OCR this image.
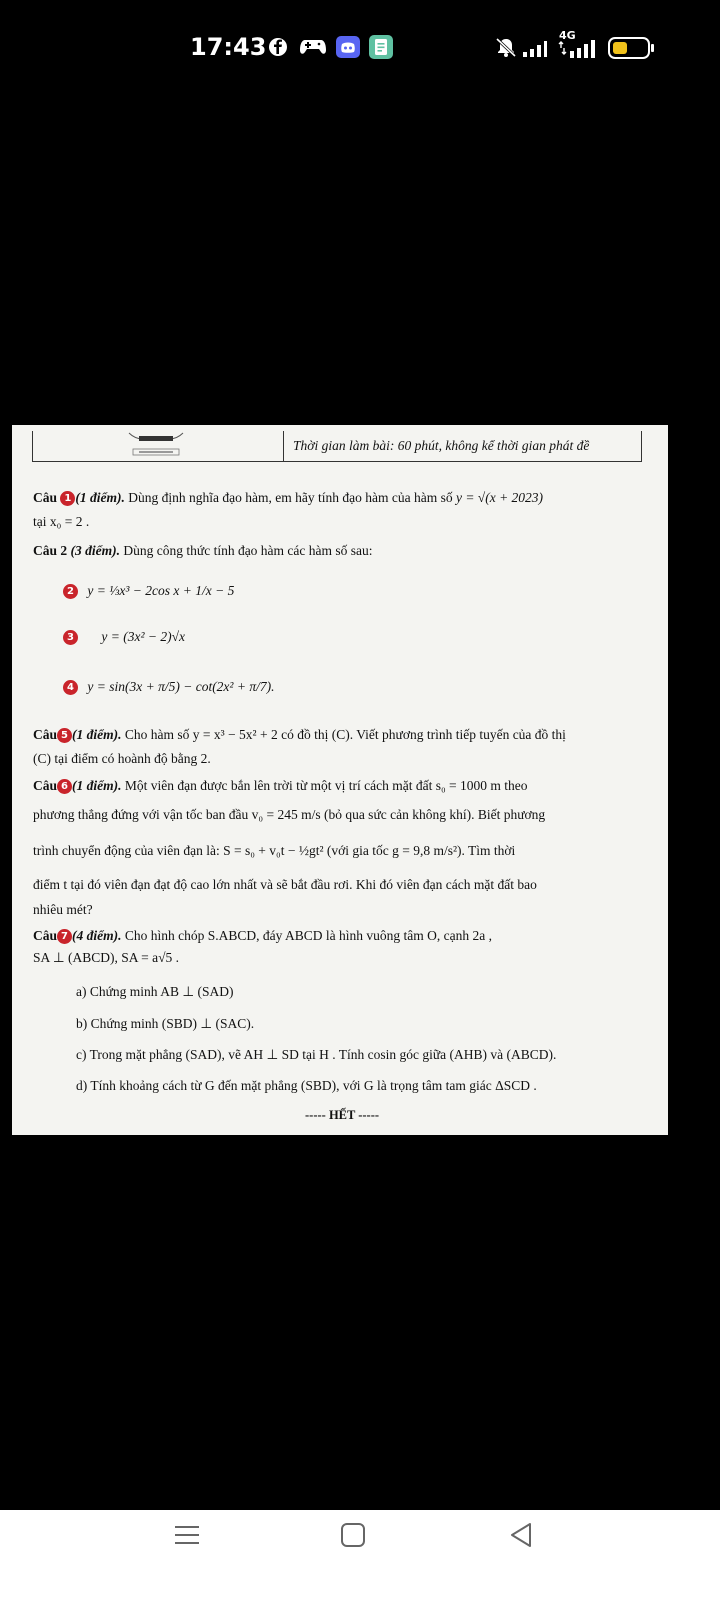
17:43	4G
Thời gian làm bài: 60 phút, không kể thời gian phát đề
Câu 1 (1 điểm). Dùng định nghĩa đạo hàm, em hãy tính đạo hàm của hàm số y = √(x + 2023)
tại x₀ = 2 .
Câu 2 (3 điểm). Dùng công thức tính đạo hàm các hàm số sau:
2 y = ⅓x³ − 2cos x + 1/x − 5
3 y = (3x² − 2)√x
4 y = sin(3x + π/5) − cot(2x² + π/7).
Câu 5 (1 điểm). Cho hàm số y = x³ − 5x² + 2 có đồ thị (C). Viết phương trình tiếp tuyến của đồ thị
(C) tại điểm có hoành độ bằng 2.
Câu 6 (1 điểm). Một viên đạn được bắn lên trời từ một vị trí cách mặt đất s₀ = 1000 m theo
phương thẳng đứng với vận tốc ban đầu v₀ = 245 m/s (bỏ qua sức cản không khí). Biết phương
trình chuyển động của viên đạn là: S = s₀ + v₀t − ½gt² (với gia tốc g = 9,8 m/s²). Tìm thời
điểm t tại đó viên đạn đạt độ cao lớn nhất và sẽ bắt đầu rơi. Khi đó viên đạn cách mặt đất bao
nhiêu mét?
Câu 7 (4 điểm). Cho hình chóp S.ABCD, đáy ABCD là hình vuông tâm O, cạnh 2a ,
SA ⊥ (ABCD), SA = a√5 .
a) Chứng minh AB ⊥ (SAD)
b) Chứng minh (SBD) ⊥ (SAC).
c) Trong mặt phẳng (SAD), vẽ AH ⊥ SD tại H . Tính cosin góc giữa (AHB) và (ABCD).
d) Tính khoảng cách từ G đến mặt phẳng (SBD), với G là trọng tâm tam giác ΔSCD .
----- HẾT -----
